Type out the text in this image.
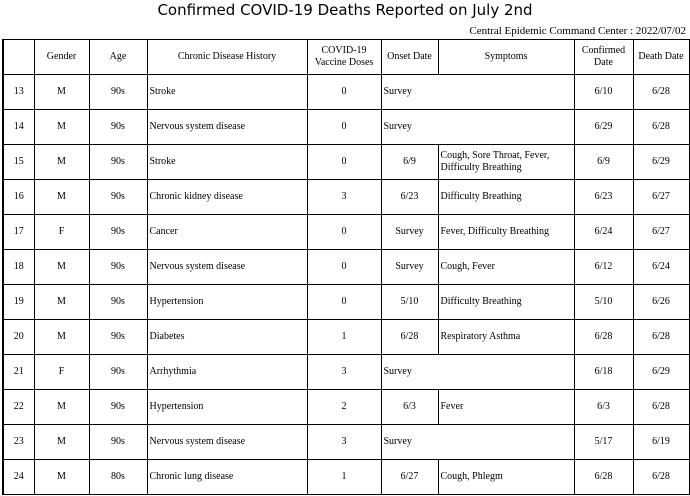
Confirmed COVID-19 Deaths Reported on July 2nd
Central Epidemic Command Center : 2022/07/02
	Gender	Age	Chronic Disease History	COVID-19 Vaccine Doses	Onset Date	Symptoms	Confirmed Date	Death Date
13	M	90s	Stroke	0	Survey		6/10	6/28
14	M	90s	Nervous system disease	0	Survey		6/29	6/28
15	M	90s	Stroke	0	6/9	Cough, Sore Throat, Fever, Difficulty Breathing	6/9	6/29
16	M	90s	Chronic kidney disease	3	6/23	Difficulty Breathing	6/23	6/27
17	F	90s	Cancer	0	Survey	Fever, Difficulty Breathing	6/24	6/27
18	M	90s	Nervous system disease	0	Survey	Cough, Fever	6/12	6/24
19	M	90s	Hypertension	0	5/10	Difficulty Breathing	5/10	6/26
20	M	90s	Diabetes	1	6/28	Respiratory Asthma	6/28	6/28
21	F	90s	Arrhythmia	3	Survey		6/18	6/29
22	M	90s	Hypertension	2	6/3	Fever	6/3	6/28
23	M	90s	Nervous system disease	3	Survey		5/17	6/19
24	M	80s	Chronic lung disease	1	6/27	Cough, Phlegm	6/28	6/28
